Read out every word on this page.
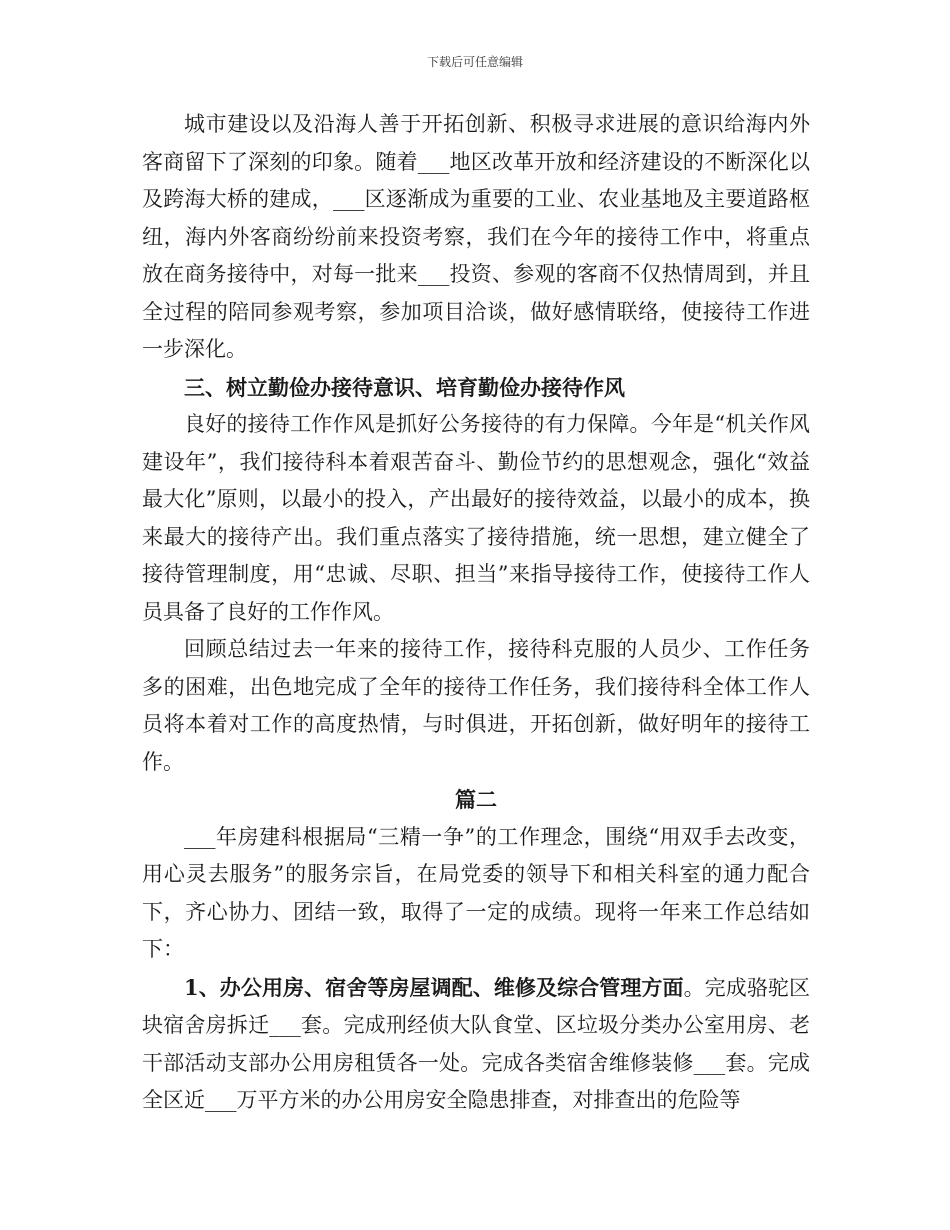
下载后可任意编辑

城市建设以及沿海人善于开拓创新、积极寻求进展的意识给海内外客商留下了深刻的印象。随着___地区改革开放和经济建设的不断深化以及跨海大桥的建成，___区逐渐成为重要的工业、农业基地及主要道路枢纽，海内外客商纷纷前来投资考察，我们在今年的接待工作中，将重点放在商务接待中，对每一批来___投资、参观的客商不仅热情周到，并且全过程的陪同参观考察，参加项目洽谈，做好感情联络，使接待工作进一步深化。

三、树立勤俭办接待意识、培育勤俭办接待作风

良好的接待工作作风是抓好公务接待的有力保障。今年是“机关作风建设年”，我们接待科本着艰苦奋斗、勤俭节约的思想观念，强化“效益最大化”原则，以最小的投入，产出最好的接待效益，以最小的成本，换来最大的接待产出。我们重点落实了接待措施，统一思想，建立健全了接待管理制度，用“忠诚、尽职、担当”来指导接待工作，使接待工作人员具备了良好的工作作风。

回顾总结过去一年来的接待工作，接待科克服的人员少、工作任务多的困难，出色地完成了全年的接待工作任务，我们接待科全体工作人员将本着对工作的高度热情，与时俱进，开拓创新，做好明年的接待工作。

篇二

___年房建科根据局“三精一争”的工作理念，围绕“用双手去改变，用心灵去服务”的服务宗旨，在局党委的领导下和相关科室的通力配合下，齐心协力、团结一致，取得了一定的成绩。现将一年来工作总结如下：

1、办公用房、宿舍等房屋调配、维修及综合管理方面。完成骆驼区块宿舍房拆迁___套。完成刑经侦大队食堂、区垃圾分类办公室用房、老干部活动支部办公用房租赁各一处。完成各类宿舍维修装修___套。完成全区近___万平方米的办公用房安全隐患排查，对排查出的危险等
